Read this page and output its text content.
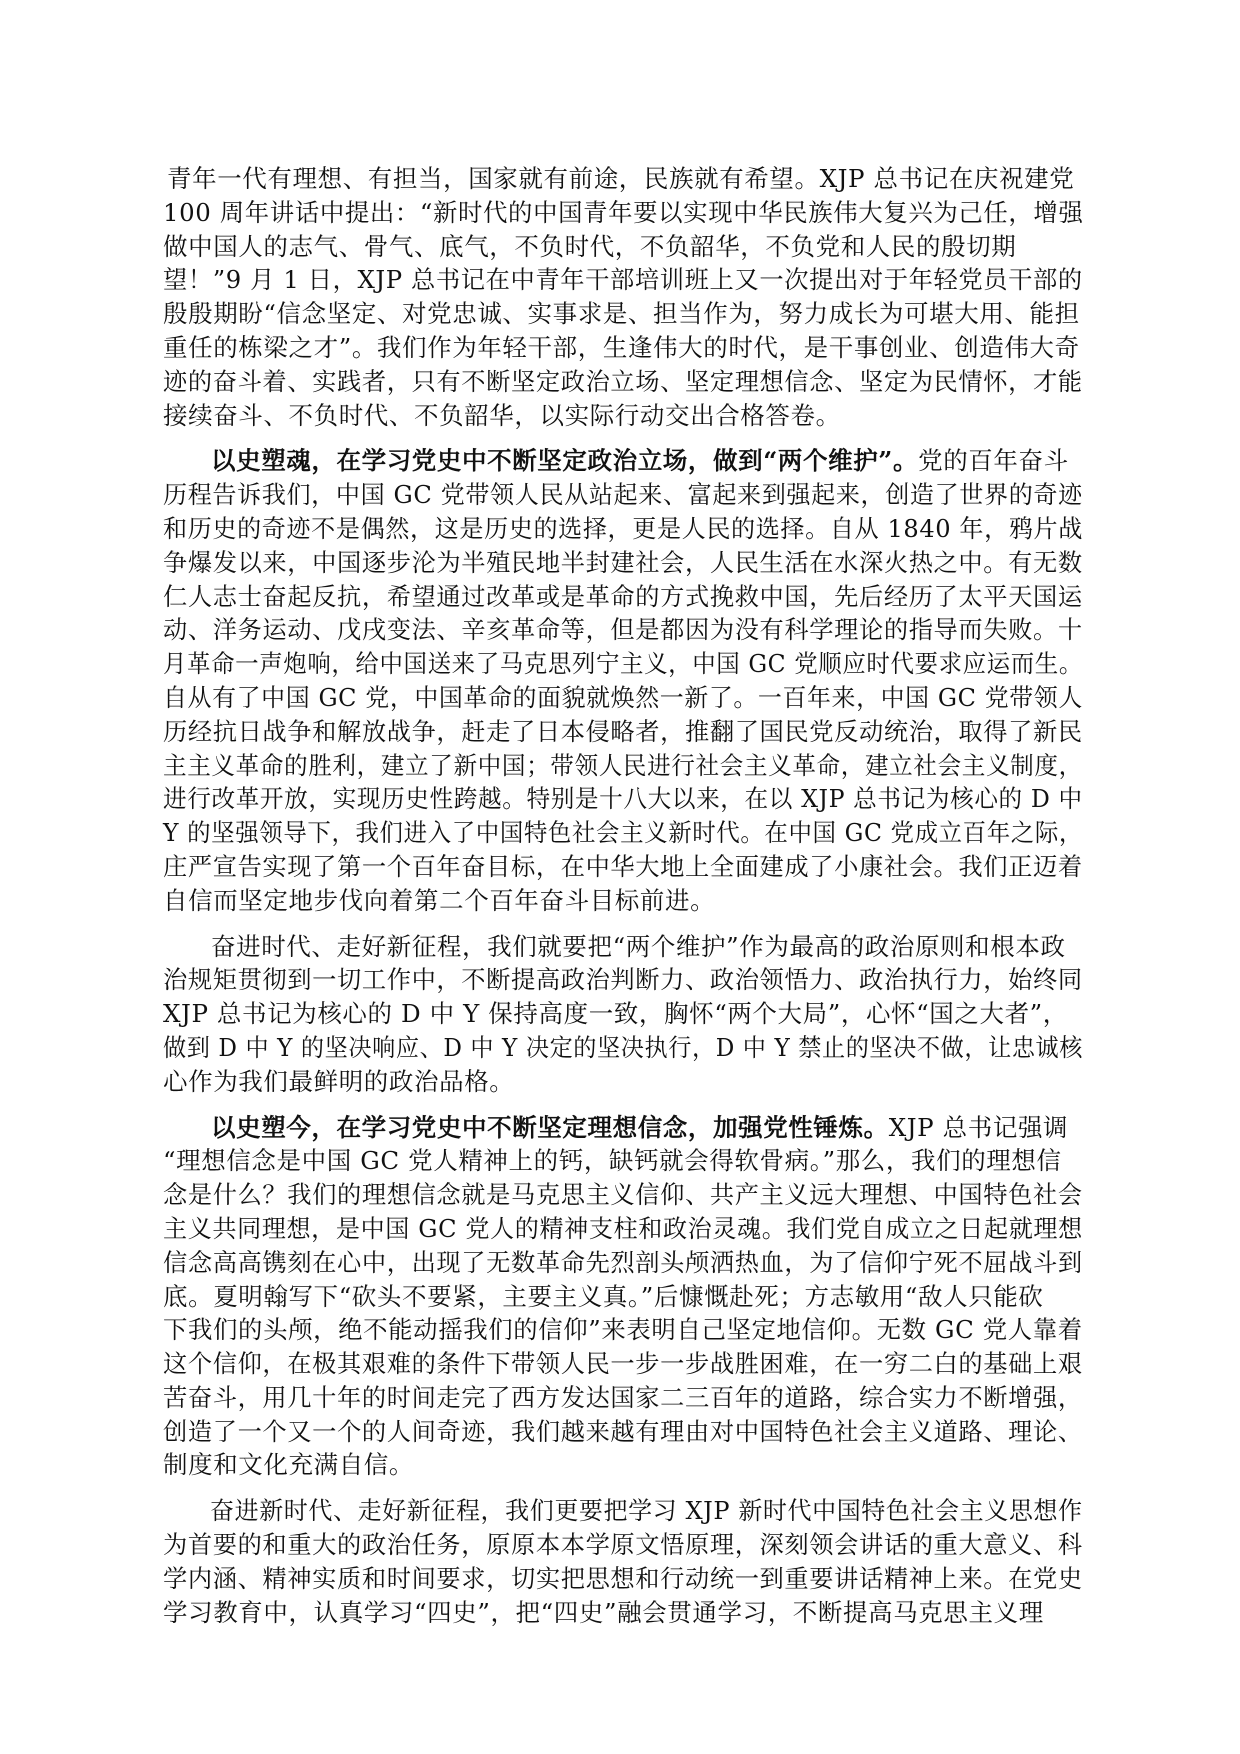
青年一代有理想、有担当，国家就有前途，民族就有希望。XJP 总书记在庆祝建党
100 周年讲话中提出：“新时代的中国青年要以实现中华民族伟大复兴为己任，增强
做中国人的志气、骨气、底气，不负时代，不负韶华，不负党和人民的殷切期
望！”9 月 1 日，XJP 总书记在中青年干部培训班上又一次提出对于年轻党员干部的
殷殷期盼“信念坚定、对党忠诚、实事求是、担当作为，努力成长为可堪大用、能担
重任的栋梁之才”。我们作为年轻干部，生逢伟大的时代，是干事创业、创造伟大奇
迹的奋斗着、实践者，只有不断坚定政治立场、坚定理想信念、坚定为民情怀，才能
接续奋斗、不负时代、不负韶华，以实际行动交出合格答卷。
以史塑魂，在学习党史中不断坚定政治立场，做到“两个维护”。党的百年奋斗
历程告诉我们，中国 GC 党带领人民从站起来、富起来到强起来，创造了世界的奇迹
和历史的奇迹不是偶然，这是历史的选择，更是人民的选择。自从 1840 年，鸦片战
争爆发以来，中国逐步沦为半殖民地半封建社会，人民生活在水深火热之中。有无数
仁人志士奋起反抗，希望通过改革或是革命的方式挽救中国，先后经历了太平天国运
动、洋务运动、戊戌变法、辛亥革命等，但是都因为没有科学理论的指导而失败。十
月革命一声炮响，给中国送来了马克思列宁主义，中国 GC 党顺应时代要求应运而生。
自从有了中国 GC 党，中国革命的面貌就焕然一新了。一百年来，中国 GC 党带领人
历经抗日战争和解放战争，赶走了日本侵略者，推翻了国民党反动统治，取得了新民
主主义革命的胜利，建立了新中国；带领人民进行社会主义革命，建立社会主义制度，
进行改革开放，实现历史性跨越。特别是十八大以来，在以 XJP 总书记为核心的 D 中
Y 的坚强领导下，我们进入了中国特色社会主义新时代。在中国 GC 党成立百年之际，
庄严宣告实现了第一个百年奋目标，在中华大地上全面建成了小康社会。我们正迈着
自信而坚定地步伐向着第二个百年奋斗目标前进。
奋进时代、走好新征程，我们就要把“两个维护”作为最高的政治原则和根本政
治规矩贯彻到一切工作中，不断提高政治判断力、政治领悟力、政治执行力，始终同
XJP 总书记为核心的 D 中 Y 保持高度一致，胸怀“两个大局”，心怀“国之大者”，
做到 D 中 Y 的坚决响应、D 中 Y 决定的坚决执行，D 中 Y 禁止的坚决不做，让忠诚核
心作为我们最鲜明的政治品格。
以史塑今，在学习党史中不断坚定理想信念，加强党性锤炼。XJP 总书记强调
“理想信念是中国 GC 党人精神上的钙，缺钙就会得软骨病。”那么，我们的理想信
念是什么？我们的理想信念就是马克思主义信仰、共产主义远大理想、中国特色社会
主义共同理想，是中国 GC 党人的精神支柱和政治灵魂。我们党自成立之日起就理想
信念高高镌刻在心中，出现了无数革命先烈剖头颅洒热血，为了信仰宁死不屈战斗到
底。夏明翰写下“砍头不要紧，主要主义真。”后慷慨赴死；方志敏用“敌人只能砍
下我们的头颅，绝不能动摇我们的信仰”来表明自己坚定地信仰。无数 GC 党人靠着
这个信仰，在极其艰难的条件下带领人民一步一步战胜困难，在一穷二白的基础上艰
苦奋斗，用几十年的时间走完了西方发达国家二三百年的道路，综合实力不断增强，
创造了一个又一个的人间奇迹，我们越来越有理由对中国特色社会主义道路、理论、
制度和文化充满自信。
奋进新时代、走好新征程，我们更要把学习 XJP 新时代中国特色社会主义思想作
为首要的和重大的政治任务，原原本本学原文悟原理，深刻领会讲话的重大意义、科
学内涵、精神实质和时间要求，切实把思想和行动统一到重要讲话精神上来。在党史
学习教育中，认真学习“四史”，把“四史”融会贯通学习，不断提高马克思主义理
